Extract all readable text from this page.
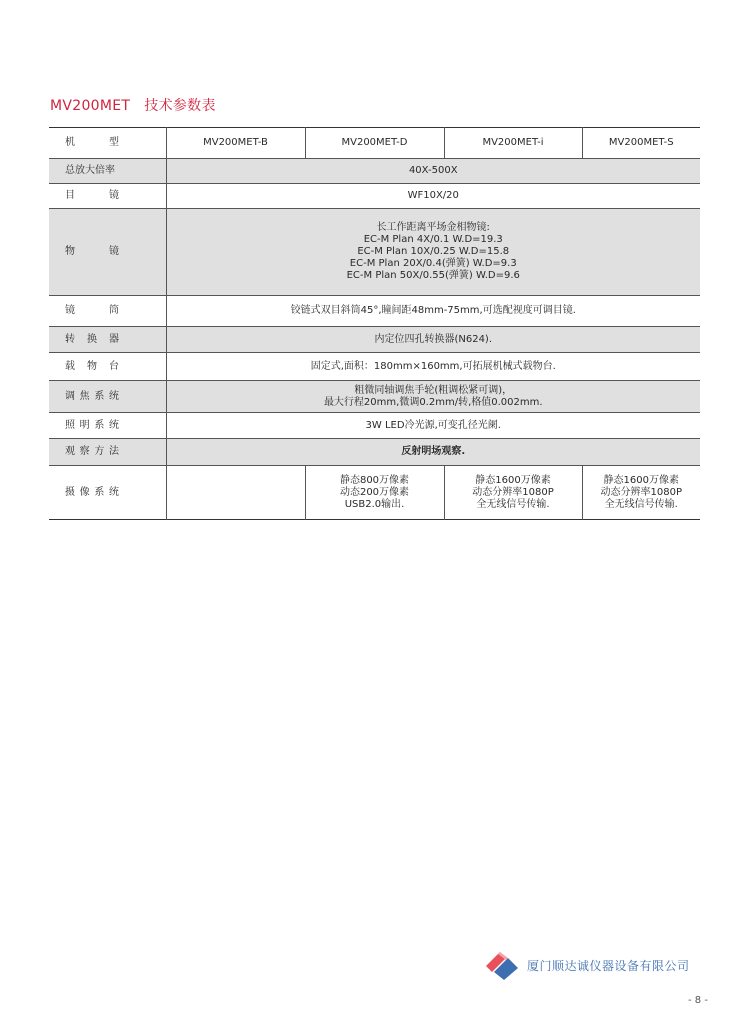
MV200MET 技术参数表
机 型	MV200MET-B	MV200MET-D	MV200MET-i	MV200MET-S
总放大倍率	40X-500X			

目 镜	WF10X/20			

物 镜	长工作距离平场金相物镜:
EC-M Plan 4X/0.1 W.D=19.3
EC-M Plan 10X/0.25 W.D=15.8
EC-M Plan 20X/0.4(弹簧) W.D=9.3
EC-M Plan 50X/0.55(弹簧) W.D=9.6			

镜 筒	铰链式双目斜筒45°,瞳间距48mm-75mm,可选配视度可调目镜.			

转 换 器	内定位四孔转换器(N624).			

载 物 台	固定式,面积：180mm×160mm,可拓展机械式载物台.			

调 焦 系 统	粗微同轴调焦手轮(粗调松紧可调)，
最大行程20mm,微调0.2mm/转,格值0.002mm.			

照 明 系 统	3W LED冷光源,可变孔径光阑.			

观 察 方 法	反射明场观察.			

摄 像 系 统		静态800万像素
动态200万像素
USB2.0输出.	静态1600万像素
动态分辨率1080P
全无线信号传输.	静态1600万像素
动态分辨率1080P
全无线信号传输.
厦门顺达诚仪器设备有限公司
- 8 -
